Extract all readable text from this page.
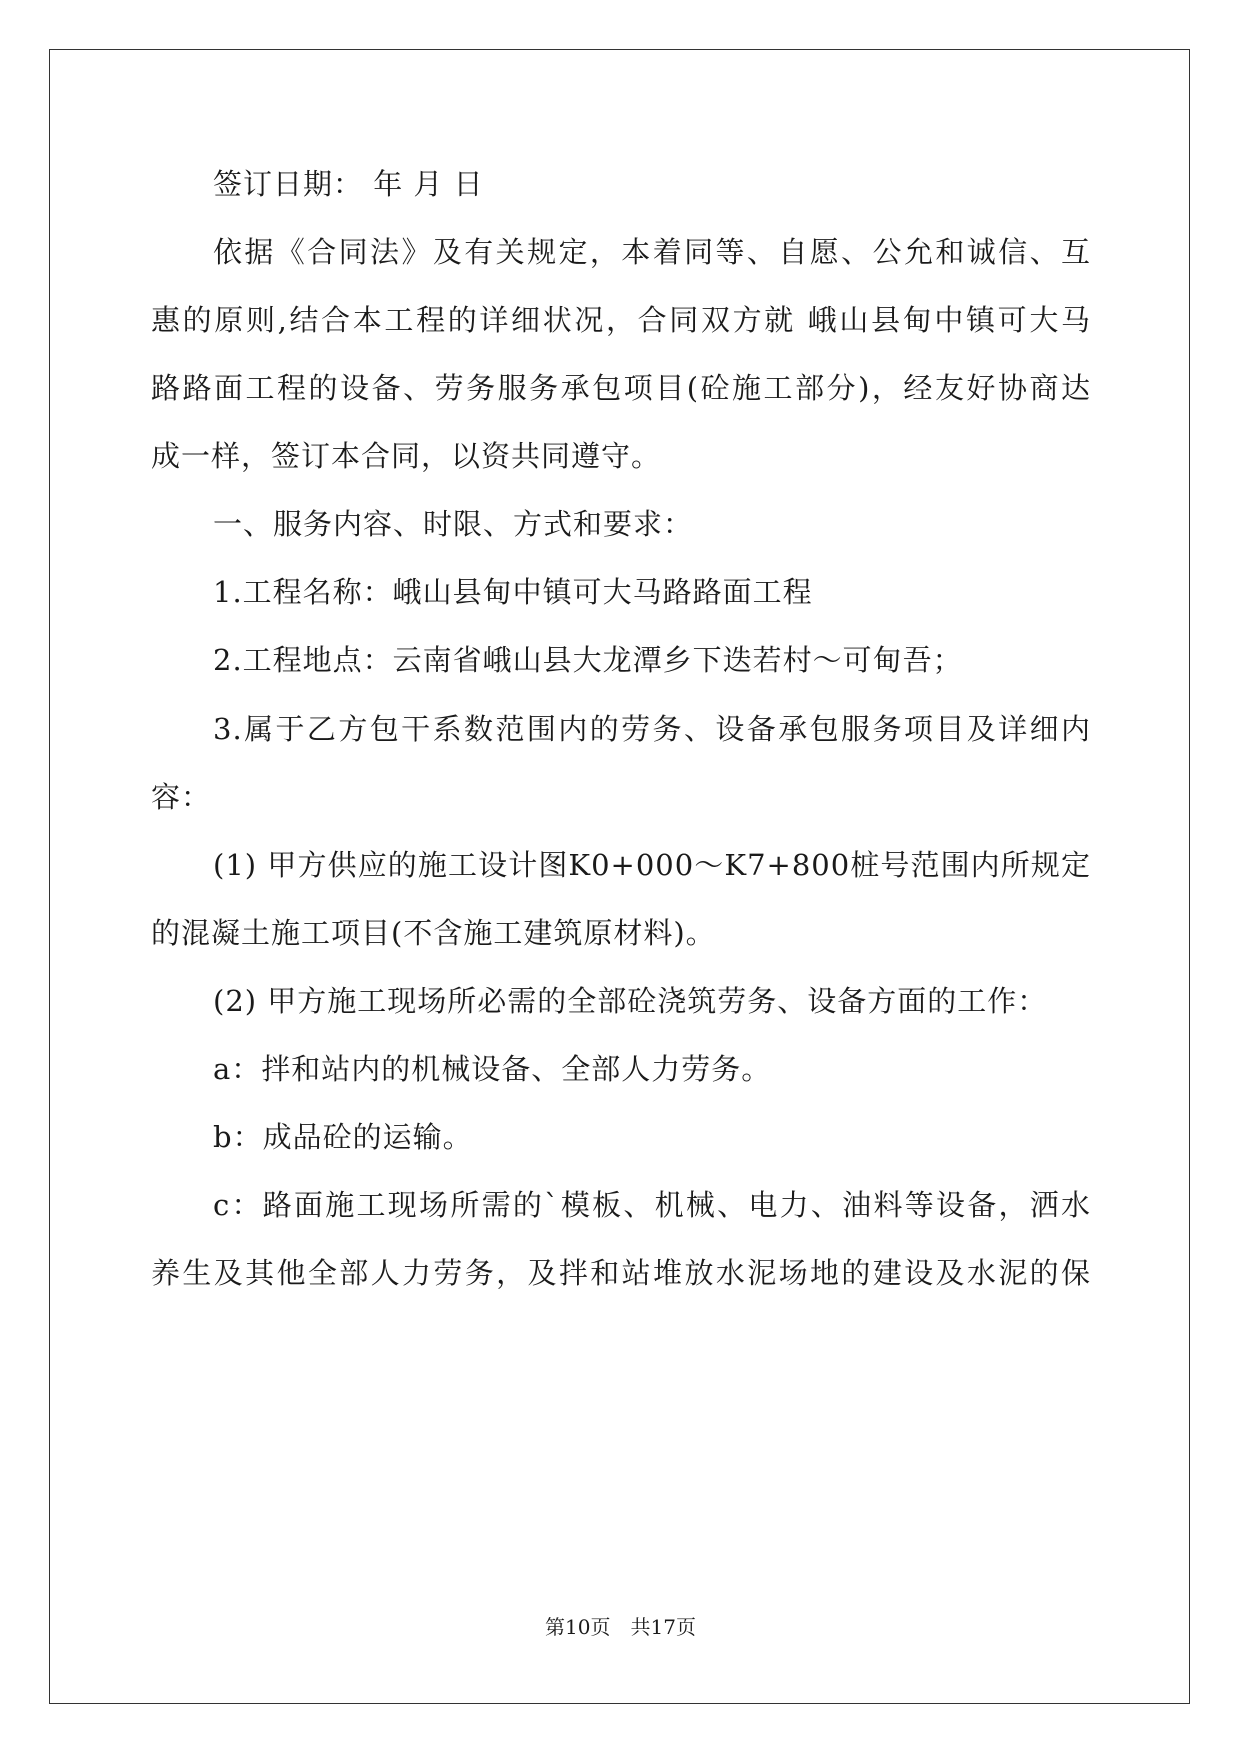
签订日期： 年 月 日
依据《合同法》及有关规定，本着同等、自愿、公允和诚信、互
惠的原则,结合本工程的详细状况，合同双方就 峨山县甸中镇可大马
路路面工程的设备、劳务服务承包项目(砼施工部分)，经友好协商达
成一样，签订本合同，以资共同遵守。
一、服务内容、时限、方式和要求：
1.工程名称：峨山县甸中镇可大马路路面工程
2.工程地点：云南省峨山县大龙潭乡下迭若村～可甸吾；
3.属于乙方包干系数范围内的劳务、设备承包服务项目及详细内
容：
(1) 甲方供应的施工设计图K0+000～K7+800桩号范围内所规定
的混凝土施工项目(不含施工建筑原材料)。
(2) 甲方施工现场所必需的全部砼浇筑劳务、设备方面的工作：
a：拌和站内的机械设备、全部人力劳务。
b：成品砼的运输。
c：路面施工现场所需的`模板、机械、电力、油料等设备，洒水
养生及其他全部人力劳务，及拌和站堆放水泥场地的建设及水泥的保
第10页　共17页
